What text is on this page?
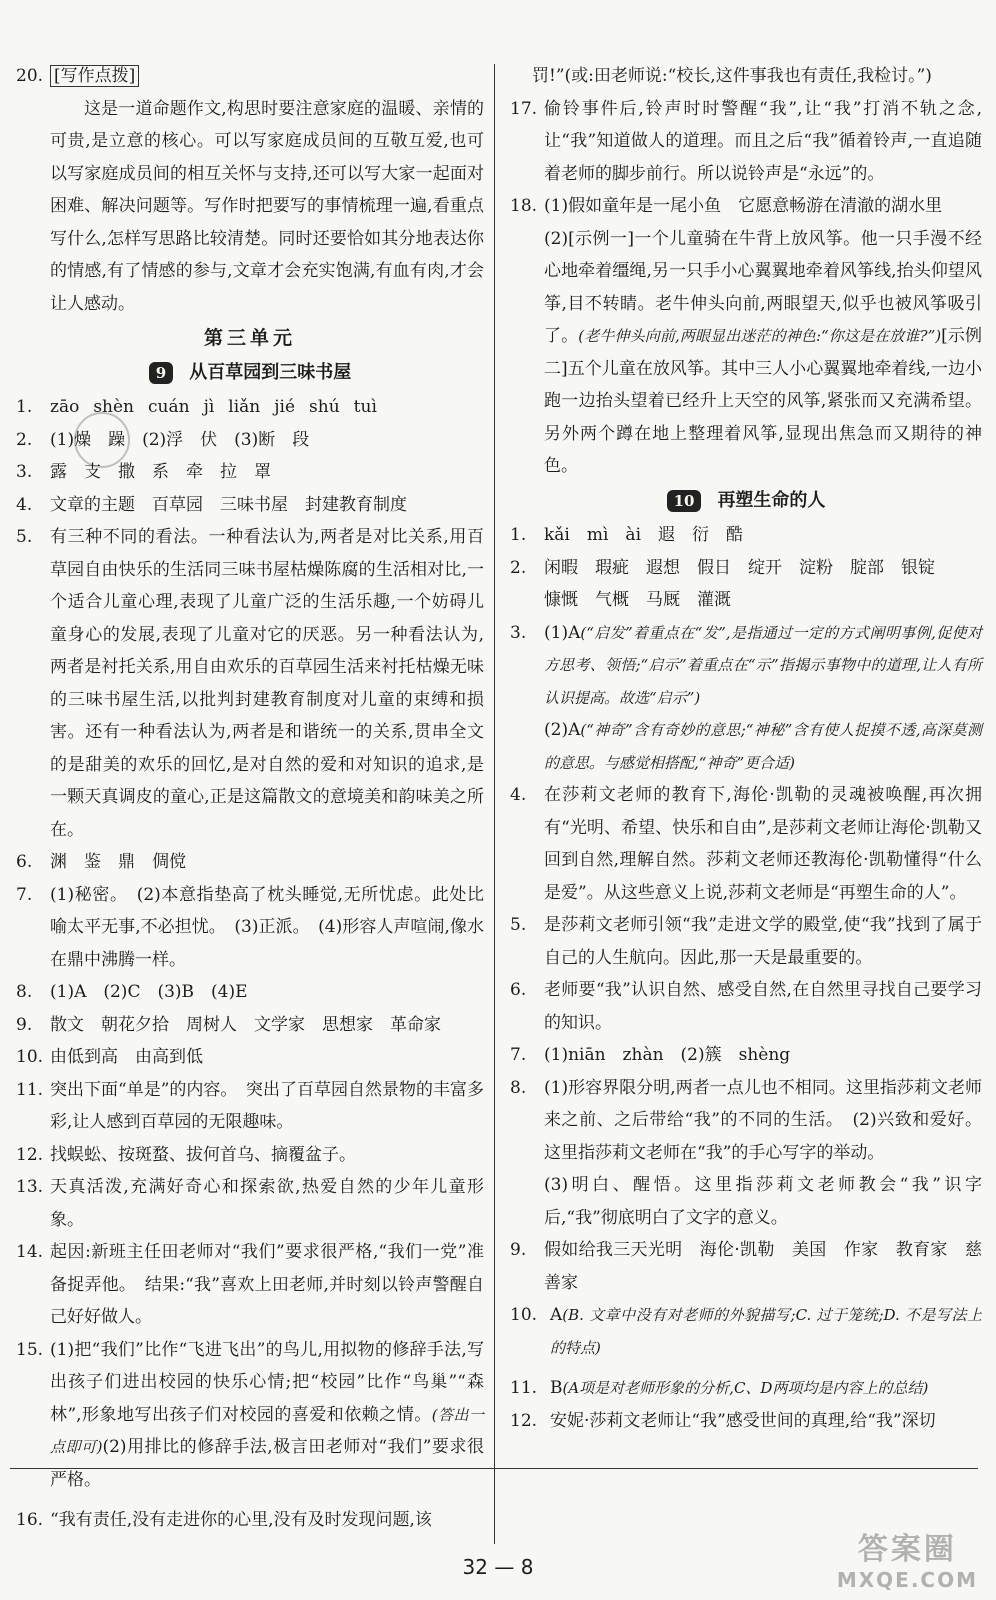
20. [写作点拨]
这是一道命题作文,构思时要注意家庭的温暖、亲情的可贵,是立意的核心。可以写家庭成员间的互敬互爱,也可以写家庭成员间的相互关怀与支持,还可以写大家一起面对困难、解决问题等。写作时把要写的事情梳理一遍,看重点写什么,怎样写思路比较清楚。同时还要恰如其分地表达你的情感,有了情感的参与,文章才会充实饱满,有血有肉,才会让人感动。
第三单元
9 从百草园到三味书屋
1.	zāo shèn cuán jì liǎn jié shú tuì
2.	(1)燥　躁　(2)浮　伏　(3)断　段
3.	露　支　撒　系　牵　拉　罩
4.	文章的主题　百草园　三味书屋　封建教育制度
5.	有三种不同的看法。一种看法认为,两者是对比关系,用百草园自由快乐的生活同三味书屋枯燥陈腐的生活相对比,一个适合儿童心理,表现了儿童广泛的生活乐趣,一个妨碍儿童身心的发展,表现了儿童对它的厌恶。另一种看法认为,两者是衬托关系,用自由欢乐的百草园生活来衬托枯燥无味的三味书屋生活,以批判封建教育制度对儿童的束缚和损害。还有一种看法认为,两者是和谐统一的关系,贯串全文的是甜美的欢乐的回忆,是对自然的爱和对知识的追求,是一颗天真调皮的童心,正是这篇散文的意境美和韵味美之所在。
6.	渊　鉴　鼎　倜傥
7.	(1)秘密。　(2)本意指垫高了枕头睡觉,无所忧虑。此处比喻太平无事,不必担忧。　(3)正派。　(4)形容人声喧闹,像水在鼎中沸腾一样。
8.	(1)A　(2)C　(3)B　(4)E
9.	散文　朝花夕拾　周树人　文学家　思想家　革命家
10. 由低到高　由高到低
11. 突出下面“单是”的内容。　突出了百草园自然景物的丰富多彩,让人感到百草园的无限趣味。
12. 找蜈蚣、按斑蝥、拔何首乌、摘覆盆子。
13. 天真活泼,充满好奇心和探索欲,热爱自然的少年儿童形象。
14. 起因:新班主任田老师对“我们”要求很严格,“我们一党”准备捉弄他。　结果:“我”喜欢上田老师,并时刻以铃声警醒自己好好做人。
15. (1)把“我们”比作“飞进飞出”的鸟儿,用拟物的修辞手法,写出孩子们进出校园的快乐心情;把“校园”比作“鸟巢”“森林”,形象地写出孩子们对校园的喜爱和依赖之情。(答出一点即可)(2)用排比的修辞手法,极言田老师对“我们”要求很严格。
16. “我有责任,没有走进你的心里,没有及时发现问题,该
罚!”(或:田老师说:“校长,这件事我也有责任,我检讨。”)
17. 偷铃事件后,铃声时时警醒“我”,让“我”打消不轨之念,让“我”知道做人的道理。而且之后“我”循着铃声,一直追随着老师的脚步前行。所以说铃声是“永远”的。
18. (1)假如童年是一尾小鱼　它愿意畅游在清澈的湖水里
(2)[示例一]一个儿童骑在牛背上放风筝。他一只手漫不经心地牵着缰绳,另一只手小心翼翼地牵着风筝线,抬头仰望风筝,目不转睛。老牛伸头向前,两眼望天,似乎也被风筝吸引了。(老牛伸头向前,两眼显出迷茫的神色:“你这是在放谁?”)[示例二]五个儿童在放风筝。其中三人小心翼翼地牵着线,一边小跑一边抬头望着已经升上天空的风筝,紧张而又充满希望。另外两个蹲在地上整理着风筝,显现出焦急而又期待的神色。
10 再塑生命的人
1.	kǎi　mì　ài　遐　衍　酷
2.	闲暇　瑕疵　遐想　假日　绽开　淀粉　腚部　银锭
慷慨　气概　马厩　灌溉
3.	(1)A(“启发”着重点在“发”,是指通过一定的方式阐明事例,促使对方思考、领悟;“启示”着重点在“示”指揭示事物中的道理,让人有所认识提高。故选“启示”)
(2)A(“神奇”含有奇妙的意思;“神秘”含有使人捉摸不透,高深莫测的意思。与感觉相搭配,“神奇”更合适)
4.	在莎莉文老师的教育下,海伦·凯勒的灵魂被唤醒,再次拥有“光明、希望、快乐和自由”,是莎莉文老师让海伦·凯勒又回到自然,理解自然。莎莉文老师还教海伦·凯勒懂得“什么是爱”。从这些意义上说,莎莉文老师是“再塑生命的人”。
5.	是莎莉文老师引领“我”走进文学的殿堂,使“我”找到了属于自己的人生航向。因此,那一天是最重要的。
6.	老师要“我”认识自然、感受自然,在自然里寻找自己要学习的知识。
7.	(1)niān　zhàn　(2)簇　shèng
8.	(1)形容界限分明,两者一点儿也不相同。这里指莎莉文老师来之前、之后带给“我”的不同的生活。　(2)兴致和爱好。这里指莎莉文老师在“我”的手心写字的举动。
(3)明白、醒悟。这里指莎莉文老师教会“我”识字后,“我”彻底明白了文字的意义。
9.	假如给我三天光明　海伦·凯勒　美国　作家　教育家　慈善家
10. A(B. 文章中没有对老师的外貌描写;C. 过于笼统;D. 不是写法上的特点)
11. B(A项是对老师形象的分析,C、D两项均是内容上的总结)
12. 安妮·莎莉文老师让“我”感受世间的真理,给“我”深切
32 — 8	答案圈
MXQE.COM
